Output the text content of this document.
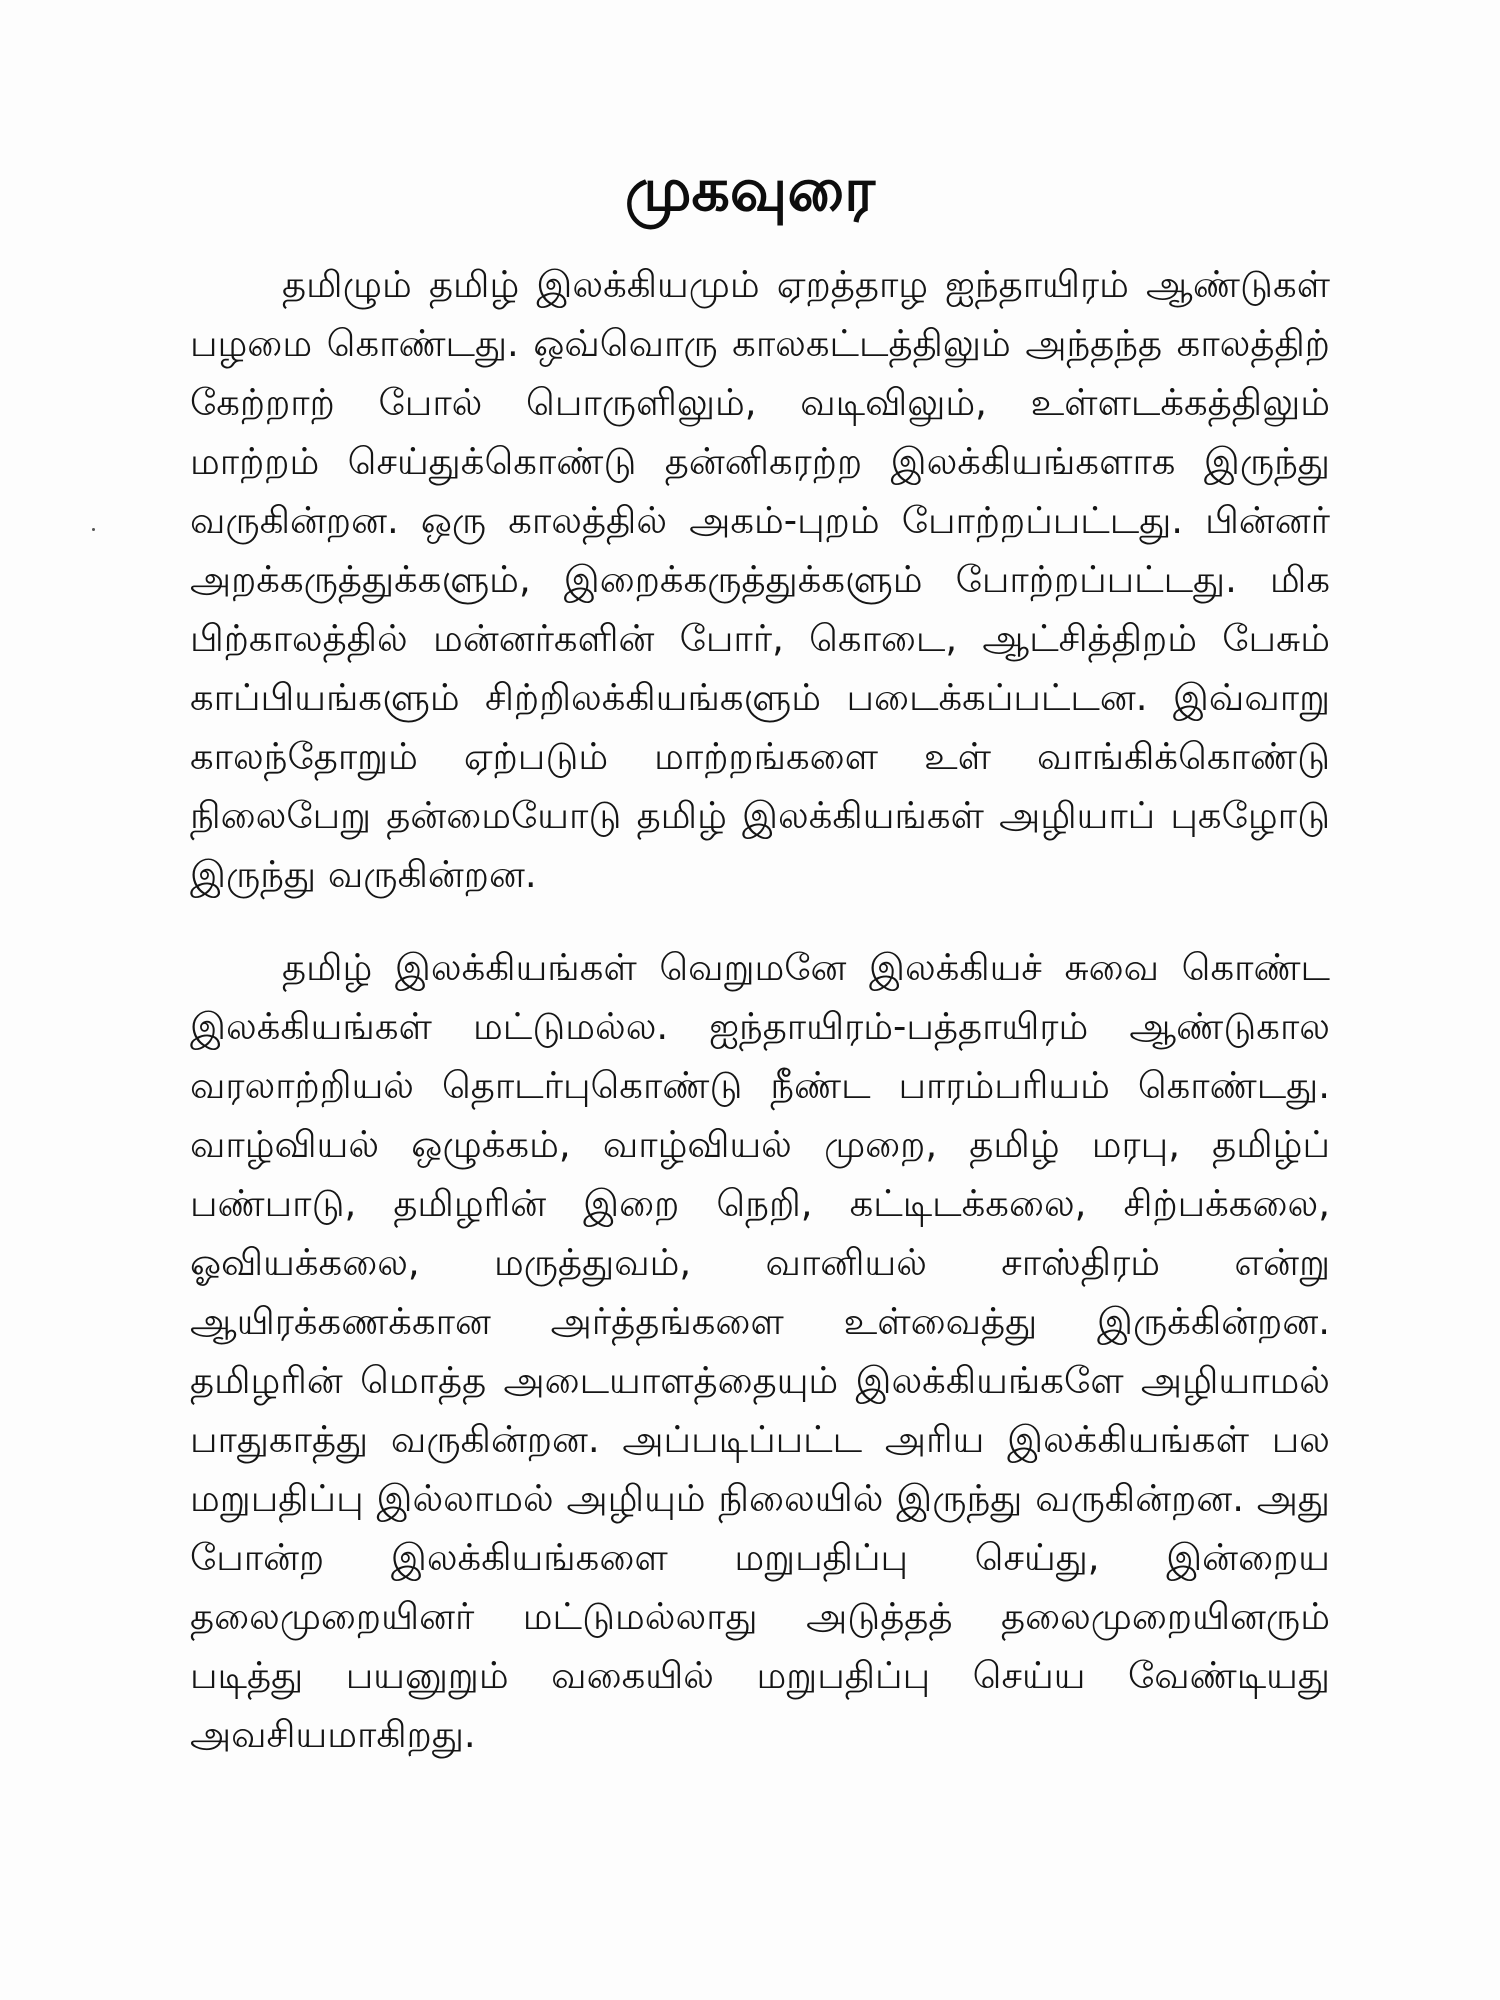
முகவுரை

தமிழும் தமிழ் இலக்கியமும் ஏறத்தாழ ஐந்தாயிரம் ஆண்டுகள் பழமை கொண்டது. ஒவ்வொரு காலகட்டத்திலும் அந்தந்த காலத்திற் கேற்றாற் போல் பொருளிலும், வடிவிலும், உள்ளடக்கத்திலும் மாற்றம் செய்துக்கொண்டு தன்னிகரற்ற இலக்கியங்களாக இருந்து வருகின்றன. ஒரு காலத்தில் அகம்-புறம் போற்றப்பட்டது. பின்னர் அறக்கருத்துக்களும், இறைக்கருத்துக்களும் போற்றப்பட்டது. மிக பிற்காலத்தில் மன்னர்களின் போர், கொடை, ஆட்சித்திறம் பேசும் காப்பியங்களும் சிற்றிலக்கியங்களும் படைக்கப்பட்டன. இவ்வாறு காலந்தோறும் ஏற்படும் மாற்றங்களை உள் வாங்கிக்கொண்டு நிலைபேறு தன்மையோடு தமிழ் இலக்கியங்கள் அழியாப் புகழோடு இருந்து வருகின்றன.

தமிழ் இலக்கியங்கள் வெறுமனே இலக்கியச் சுவை கொண்ட இலக்கியங்கள் மட்டுமல்ல. ஐந்தாயிரம்-பத்தாயிரம் ஆண்டுகால வரலாற்றியல் தொடர்புகொண்டு நீண்ட பாரம்பரியம் கொண்டது. வாழ்வியல் ஒழுக்கம், வாழ்வியல் முறை, தமிழ் மரபு, தமிழ்ப் பண்பாடு, தமிழரின் இறை நெறி, கட்டிடக்கலை, சிற்பக்கலை, ஓவியக்கலை, மருத்துவம், வானியல் சாஸ்திரம் என்று ஆயிரக்கணக்கான அர்த்தங்களை உள்வைத்து இருக்கின்றன. தமிழரின் மொத்த அடையாளத்தையும் இலக்கியங்களே அழியாமல் பாதுகாத்து வருகின்றன. அப்படிப்பட்ட அரிய இலக்கியங்கள் பல மறுபதிப்பு இல்லாமல் அழியும் நிலையில் இருந்து வருகின்றன. அது போன்ற இலக்கியங்களை மறுபதிப்பு செய்து, இன்றைய தலைமுறையினர் மட்டுமல்லாது அடுத்தத் தலைமுறையினரும் படித்து பயனுறும் வகையில் மறுபதிப்பு செய்ய வேண்டியது அவசியமாகிறது.
